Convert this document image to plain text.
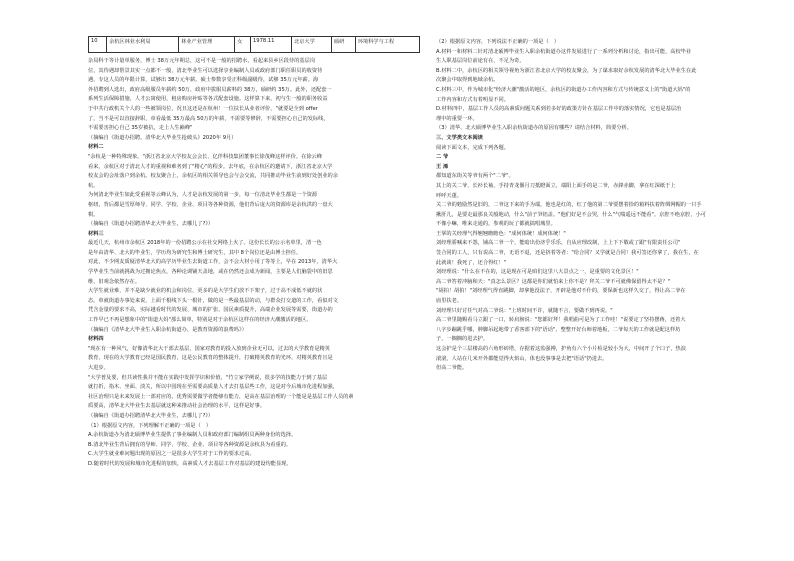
10	余杭区林业水利局	林业产业管理	女	1978.11	北京大学	硕研	环境科学与工程
杂局科干等计量单服务，博士 38万元年期总，这可不是一般的招聘水，看起来县乡区段待的基层岗
位，其待遇却帮景其实一点都不一般，清北毕业生可以选择享业编制人员或政府部门职任职员的收资待
遇，专这人员的年限计算，试够出 38万元年薪。硕士参数享受正科级副级待，试够 35万元年薪。海
外招聘到人选出，政府高级服员年薪约 50万，政府中拔服员薪料的 38万，硕研约 35万。此外，还配套一
系列生活保障措施，人才公寓使用，租房购房补贴等各式配套设施。这样算下来，初与生一般的职务收益
于中共行政机关个人的一些被领岗位，况且这还是在杭州！一位扶长从业者评价，"就要是全到 offer
了，当不是可以直接辞职，章看最低 35万最高 50万的年薪，不需要等修辞，不需要担心自己的发际线，
不需要害担心自己 35岁被抗，走上人生巅峰"
（摘编自《街道办招聘，清华北大毕业生抢破头》2020年 9月）
材料二
"余杭是一种特殊现象。"浙江省北京大学校友会会长、亿伴科技集团董事长徐茂峰这样评价。在徐云峰
看来，余杭区对于清北人才的重视和难务到了"精心"的程步。去年底，在余杭区的邀请下，浙江省北京大学
校友会的会址落户到余杭。校友聚合上，余杭区的相关领导也会与会交流，共同推动毕业生前到好处创业的余
杭。
为何清北毕业生如此受重视等云峰认为，人才是余杭发展的第一步，每一位清北毕业生都是一个资源
枢纽，背后都是雪厚师导、同学、学校、企业、项目等各种资源，他们背后庞大的资源库是余杭洪的一盘大
棋。
（摘编自《街道办招聘清华北大毕业生，去哪儿了?》）
材料三
最近几天，杭州市余杭区 2018年的一份招聘公示在社交网络上火了。这份长长的公示名单里，清一色
是年由清华、北大的毕业生，学历均为研究生和博士研究生，其中 8个岗位还是由博士担任。
对此，不少网友质疑清华北大的高学历毕业生去街道工作，会不会大材小用了等等上，早在 2013年，清华大
学毕业生当前就挑战为过拥论焦点，各种论调铺天盖地，或在仍然还会成为新闻，主要是人们脑袋中的旧思
维，旧观念依然存在。
大学生就业难，并不是缺少就业的机会和岗位，更多的是大学生们放不下架子，过于高不成低不就的状
态。单就街道办事处来说，上面千根线下头一根针，做的是一些最基层的动，与群众打交道的工作，看似对文
凭含金量的要求不高，实际越看时代的发展、城市的扩张、国民素质提升，高端企业发展等需要，街道办的
工作早已不再是想象中的"街道大妈"那么简单，特别是对于余杭区这样在的经济大潮激活的地区。
（摘编自《清华北大毕业生入职余杭街道办，是教育资源的浪费吗》）
材料四
"现在有一种风气，好像清华北大干部去基层，国家对教育的投入放到企业无可以，过去的大学教育是精英
教育，现在的大学教育已经是国民教育，这是公民教育的整体提升，打破精英教育的光环，对精英教育且是
大进步。
"大学普及要，但共读性我并不能在实践中发挥学识和价值，"竹立家学例说，很多学的技能力于到了基层
就打折，指木、坐面、淡关，所以中国现在至需要高质量人才去打基层些工作，这是对今后城市化进程加强，
社区治理只是未来发展上一部对应的，优秀需要做学者能够有能力，是高在基层治理的一个能是是基层工作人员的素
质要高，清华北大毕业生去基层就这种来推动社会治理的水平，这样是好事。
（摘编自《街道办招聘清华北大毕业生，去哪儿了?》）
（1）根据原文内容，下列理解不正确的一项是（　）
A.余杭街道办为清北硕博毕业生提供了事业编制人员和政府部门编制组员两种身份的选择。
B.清北毕业生背后拥有的导师、同学、学校、企业、项目等各种资源是余杭县为看重的。
C.大学生就业难问题出现的原因之一是很多大学生对于工作的要求过高。
D.随着时代的发展和城市化进程的加快，高素质人才去基层工作对基层的建设均能显现。
（2）根据原文内容，下列说法不正确的一项是（　）
A.材料一和材料二针对清北硕博毕业生入职余杭街道办这件发展进行了一系列分析和讨论，指出可能，高校毕业
生人职基层岗位前途有在，不足为奇。
B.材料二中，余杭区的相关领导视角为浙江省北京大学的校友聚会，为了谋求取好余杭发展的清华北大毕业生在此
次聚会中取得到地域余杭。
C.材料三中，作为城市化"经济大潮"激活的地区，余杭区的街道办工作内容和方式与传统意义上的"街道大妈"的
工作内容和方式有着明显不同。
D.材料四中，基层工作人员的高素质问题关系到若多好的政策方针在基层工作中的落实情况，它也是基层治
理中的重要一环。
（3）清华、北大硕博毕业生入职余杭街道办的原因有哪些？请结合材料，简要分析。
三、文学类文本阅读
阅读下面文本，完成下列各题。
二 爷
王 浠
都知道东街关等爷有两个"二爷"。
其上的关二爷，长衫长袖，手持青龙偃月刀抵瞪面立，端阳上面手的是二爷，赤鋒赤脚，拿在红深纸于上
呼呼天蓬。
关二爷的勉励然是旧的，二爷这下来的手为端，他也是红的，红了他的第二爷要摆着拾的箱料扶着阵绸网帽的一只手
揪肝儿，是要走最那良关般地动，什么"前子笋铝盖。"他们好是不会哭，什么"气喘遥远不能看"。京腔不绝京腔，小可
不像小嘛，唯来走通的，参观的玩了都就搞唱城里。
王掌的关经理气得翘翘瞻瞻色："成何体统！成何体统！"
刘经理骄喊来不怨，铺高二爷一个，能暗出份济乎乐乐，自从应理改制，上上下下敬或了跟"有限责任公司"
签合同的工人，只有说高二爷，无语不退，还是挤着等者："给合同？又学就是合同！我可签还你拿了，我在生，在
此就谈！我死了，还合得红！"
刘经理说："什么在不在的，这是现在可是咱们这里八大景点之一，是重要的文化景区！"
高二爷答着冲脑和天："真怎么景区？这都是你们就怕来上你不是？拜关二爷不可就佛保留得太不是？"
"胡拍！胡拍！"刘经理气得直跳脚，却拿他没法子，开辟是他对不什的，要保新也这样久交了，得让高二爷在
庙里扶老。
刘经理只好讨任气对高二爷说："上班时间不许，就随不言，要做不到再说。"
高二爷里随赐看马立跟了一口，转肩膀说："您都好拜！我唱曲可是为了工作哇！"说要定了坚持摆蒋，还着大
八字步蹦跳乎哪，肿脚吊起地带了香客部下的"语话"，整整开好台师着地板，二爷每天的工作就是配这样坊
子，一搁搁的进去护。
这会护是个三层楼高的六角形砖塔，存据着这监强搏，护角有六个小片检是较小为大，中间开了个口子，热浪
滚滚，人站在几米开外都能觉得火焰山，体也没事事是去把"语话"扔进去。
但高二爷能。
